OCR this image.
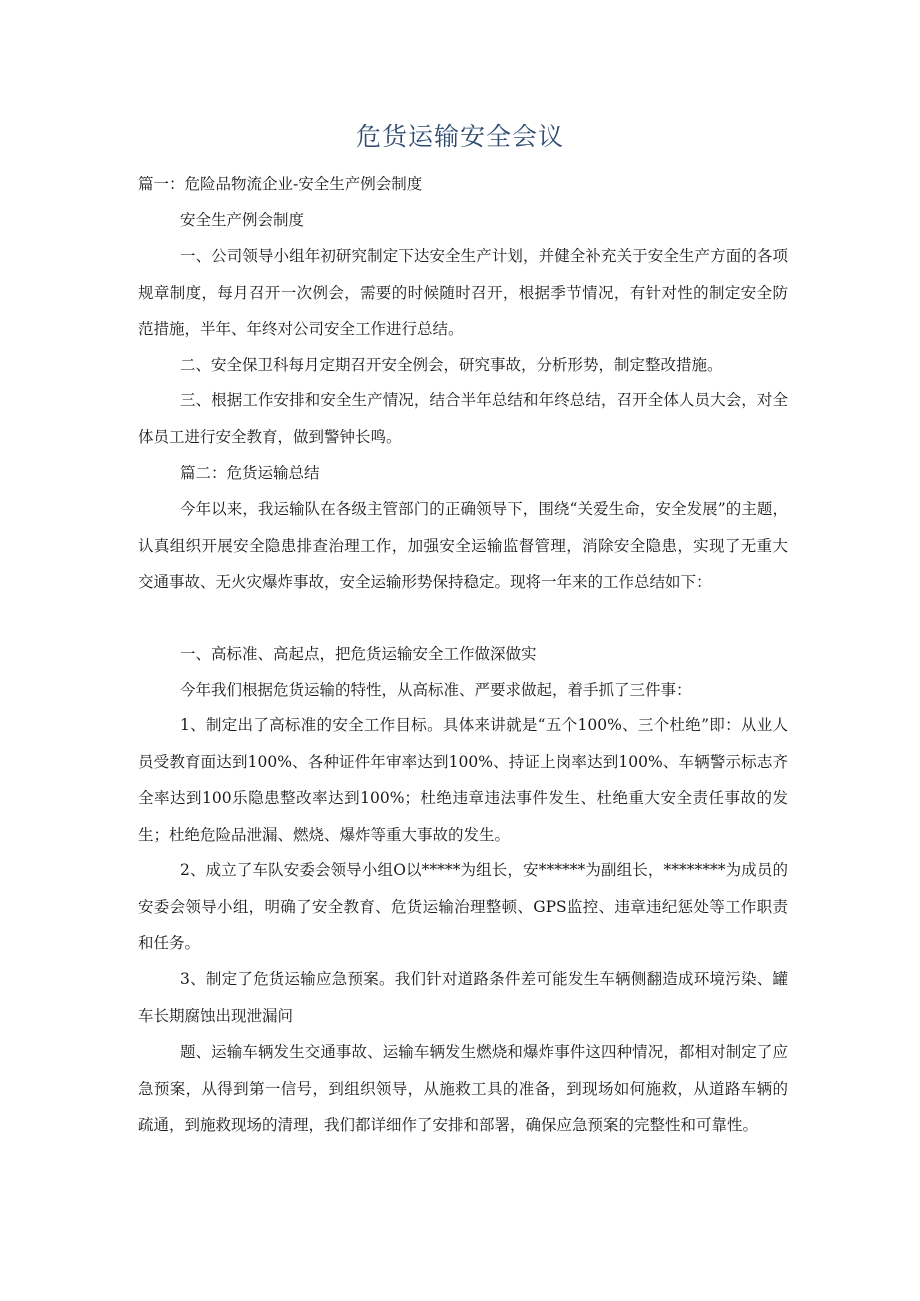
危货运输安全会议

篇一：危险品物流企业-安全生产例会制度

安全生产例会制度

一、公司领导小组年初研究制定下达安全生产计划，并健全补充关于安全生产方面的各项规章制度，每月召开一次例会，需要的时候随时召开，根据季节情况，有针对性的制定安全防范措施，半年、年终对公司安全工作进行总结。

二、安全保卫科每月定期召开安全例会，研究事故，分析形势，制定整改措施。

三、根据工作安排和安全生产情况，结合半年总结和年终总结，召开全体人员大会，对全体员工进行安全教育，做到警钟长鸣。

篇二：危货运输总结

今年以来，我运输队在各级主管部门的正确领导下，围绕“关爱生命，安全发展”的主题，认真组织开展安全隐患排查治理工作，加强安全运输监督管理，消除安全隐患，实现了无重大交通事故、无火灾爆炸事故，安全运输形势保持稳定。现将一年来的工作总结如下：

一、高标准、高起点，把危货运输安全工作做深做实

今年我们根据危货运输的特性，从高标准、严要求做起，着手抓了三件事：

1、制定出了高标准的安全工作目标。具体来讲就是“五个100%、三个杜绝”即：从业人员受教育面达到100%、各种证件年审率达到100%、持证上岗率达到100%、车辆警示标志齐全率达到100乐隐患整改率达到100%；杜绝违章违法事件发生、杜绝重大安全责任事故的发生；杜绝危险品泄漏、燃烧、爆炸等重大事故的发生。

2、成立了车队安委会领导小组O以*****为组长，安******为副组长，********为成员的安委会领导小组，明确了安全教育、危货运输治理整顿、GPS监控、违章违纪惩处等工作职责和任务。

3、制定了危货运输应急预案。我们针对道路条件差可能发生车辆侧翻造成环境污染、罐车长期腐蚀出现泄漏问

题、运输车辆发生交通事故、运输车辆发生燃烧和爆炸事件这四种情况，都相对制定了应急预案，从得到第一信号，到组织领导，从施救工具的准备，到现场如何施救，从道路车辆的疏通，到施救现场的清理，我们都详细作了安排和部署，确保应急预案的完整性和可靠性。
